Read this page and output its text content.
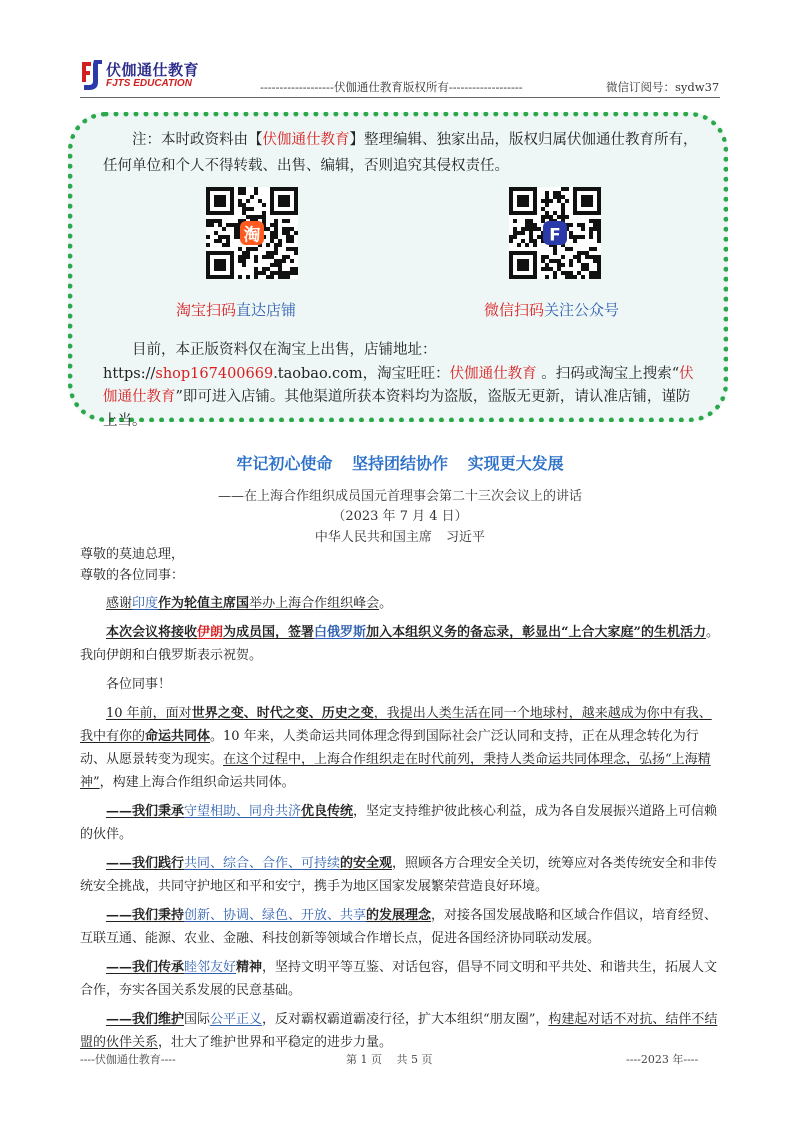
伏伽通仕教育
FJTS EDUCATION	-------------------伏伽通仕教育版权所有-------------------	微信订阅号：sydw37

注：本时政资料由【伏伽通仕教育】整理编辑、独家出品，版权归属伏伽通仕教育所有，任何单位和个人不得转载、出售、编辑，否则追究其侵权责任。

淘
淘宝扫码直达店铺
F
微信扫码关注公众号

目前，本正版资料仅在淘宝上出售，店铺地址：https://shop167400669.taobao.com，淘宝旺旺：伏伽通仕教育 。扫码或淘宝上搜索“伏伽通仕教育”即可进入店铺。其他渠道所获本资料均为盗版，盗版无更新，请认准店铺，谨防上当。

牢记初心使命 坚持团结协作 实现更大发展
——在上海合作组织成员国元首理事会第二十三次会议上的讲话
（2023 年 7 月 4 日）
中华人民共和国主席 习近平

尊敬的莫迪总理，

尊敬的各位同事：

感谢印度作为轮值主席国举办上海合作组织峰会。

本次会议将接收伊朗为成员国，签署白俄罗斯加入本组织义务的备忘录，彰显出“上合大家庭”的生机活力。我向伊朗和白俄罗斯表示祝贺。

各位同事！

10 年前，面对世界之变、时代之变、历史之变，我提出人类生活在同一个地球村，越来越成为你中有我、我中有你的命运共同体。10 年来，人类命运共同体理念得到国际社会广泛认同和支持，正在从理念转化为行动、从愿景转变为现实。在这个过程中，上海合作组织走在时代前列，秉持人类命运共同体理念，弘扬“上海精神”，构建上海合作组织命运共同体。

——我们秉承守望相助、同舟共济优良传统，坚定支持维护彼此核心利益，成为各自发展振兴道路上可信赖的伙伴。

——我们践行共同、综合、合作、可持续的安全观，照顾各方合理安全关切，统筹应对各类传统安全和非传统安全挑战，共同守护地区和平和安宁，携手为地区国家发展繁荣营造良好环境。

——我们秉持创新、协调、绿色、开放、共享的发展理念，对接各国发展战略和区域合作倡议，培育经贸、互联互通、能源、农业、金融、科技创新等领域合作增长点，促进各国经济协同联动发展。

——我们传承睦邻友好精神，坚持文明平等互鉴、对话包容，倡导不同文明和平共处、和谐共生，拓展人文合作，夯实各国关系发展的民意基础。

——我们维护国际公平正义，反对霸权霸道霸凌行径，扩大本组织“朋友圈”，构建起对话不对抗、结伴不结盟的伙伴关系，壮大了维护世界和平稳定的进步力量。

----伏伽通仕教育----	第 1 页　 共 5 页	----2023 年----
